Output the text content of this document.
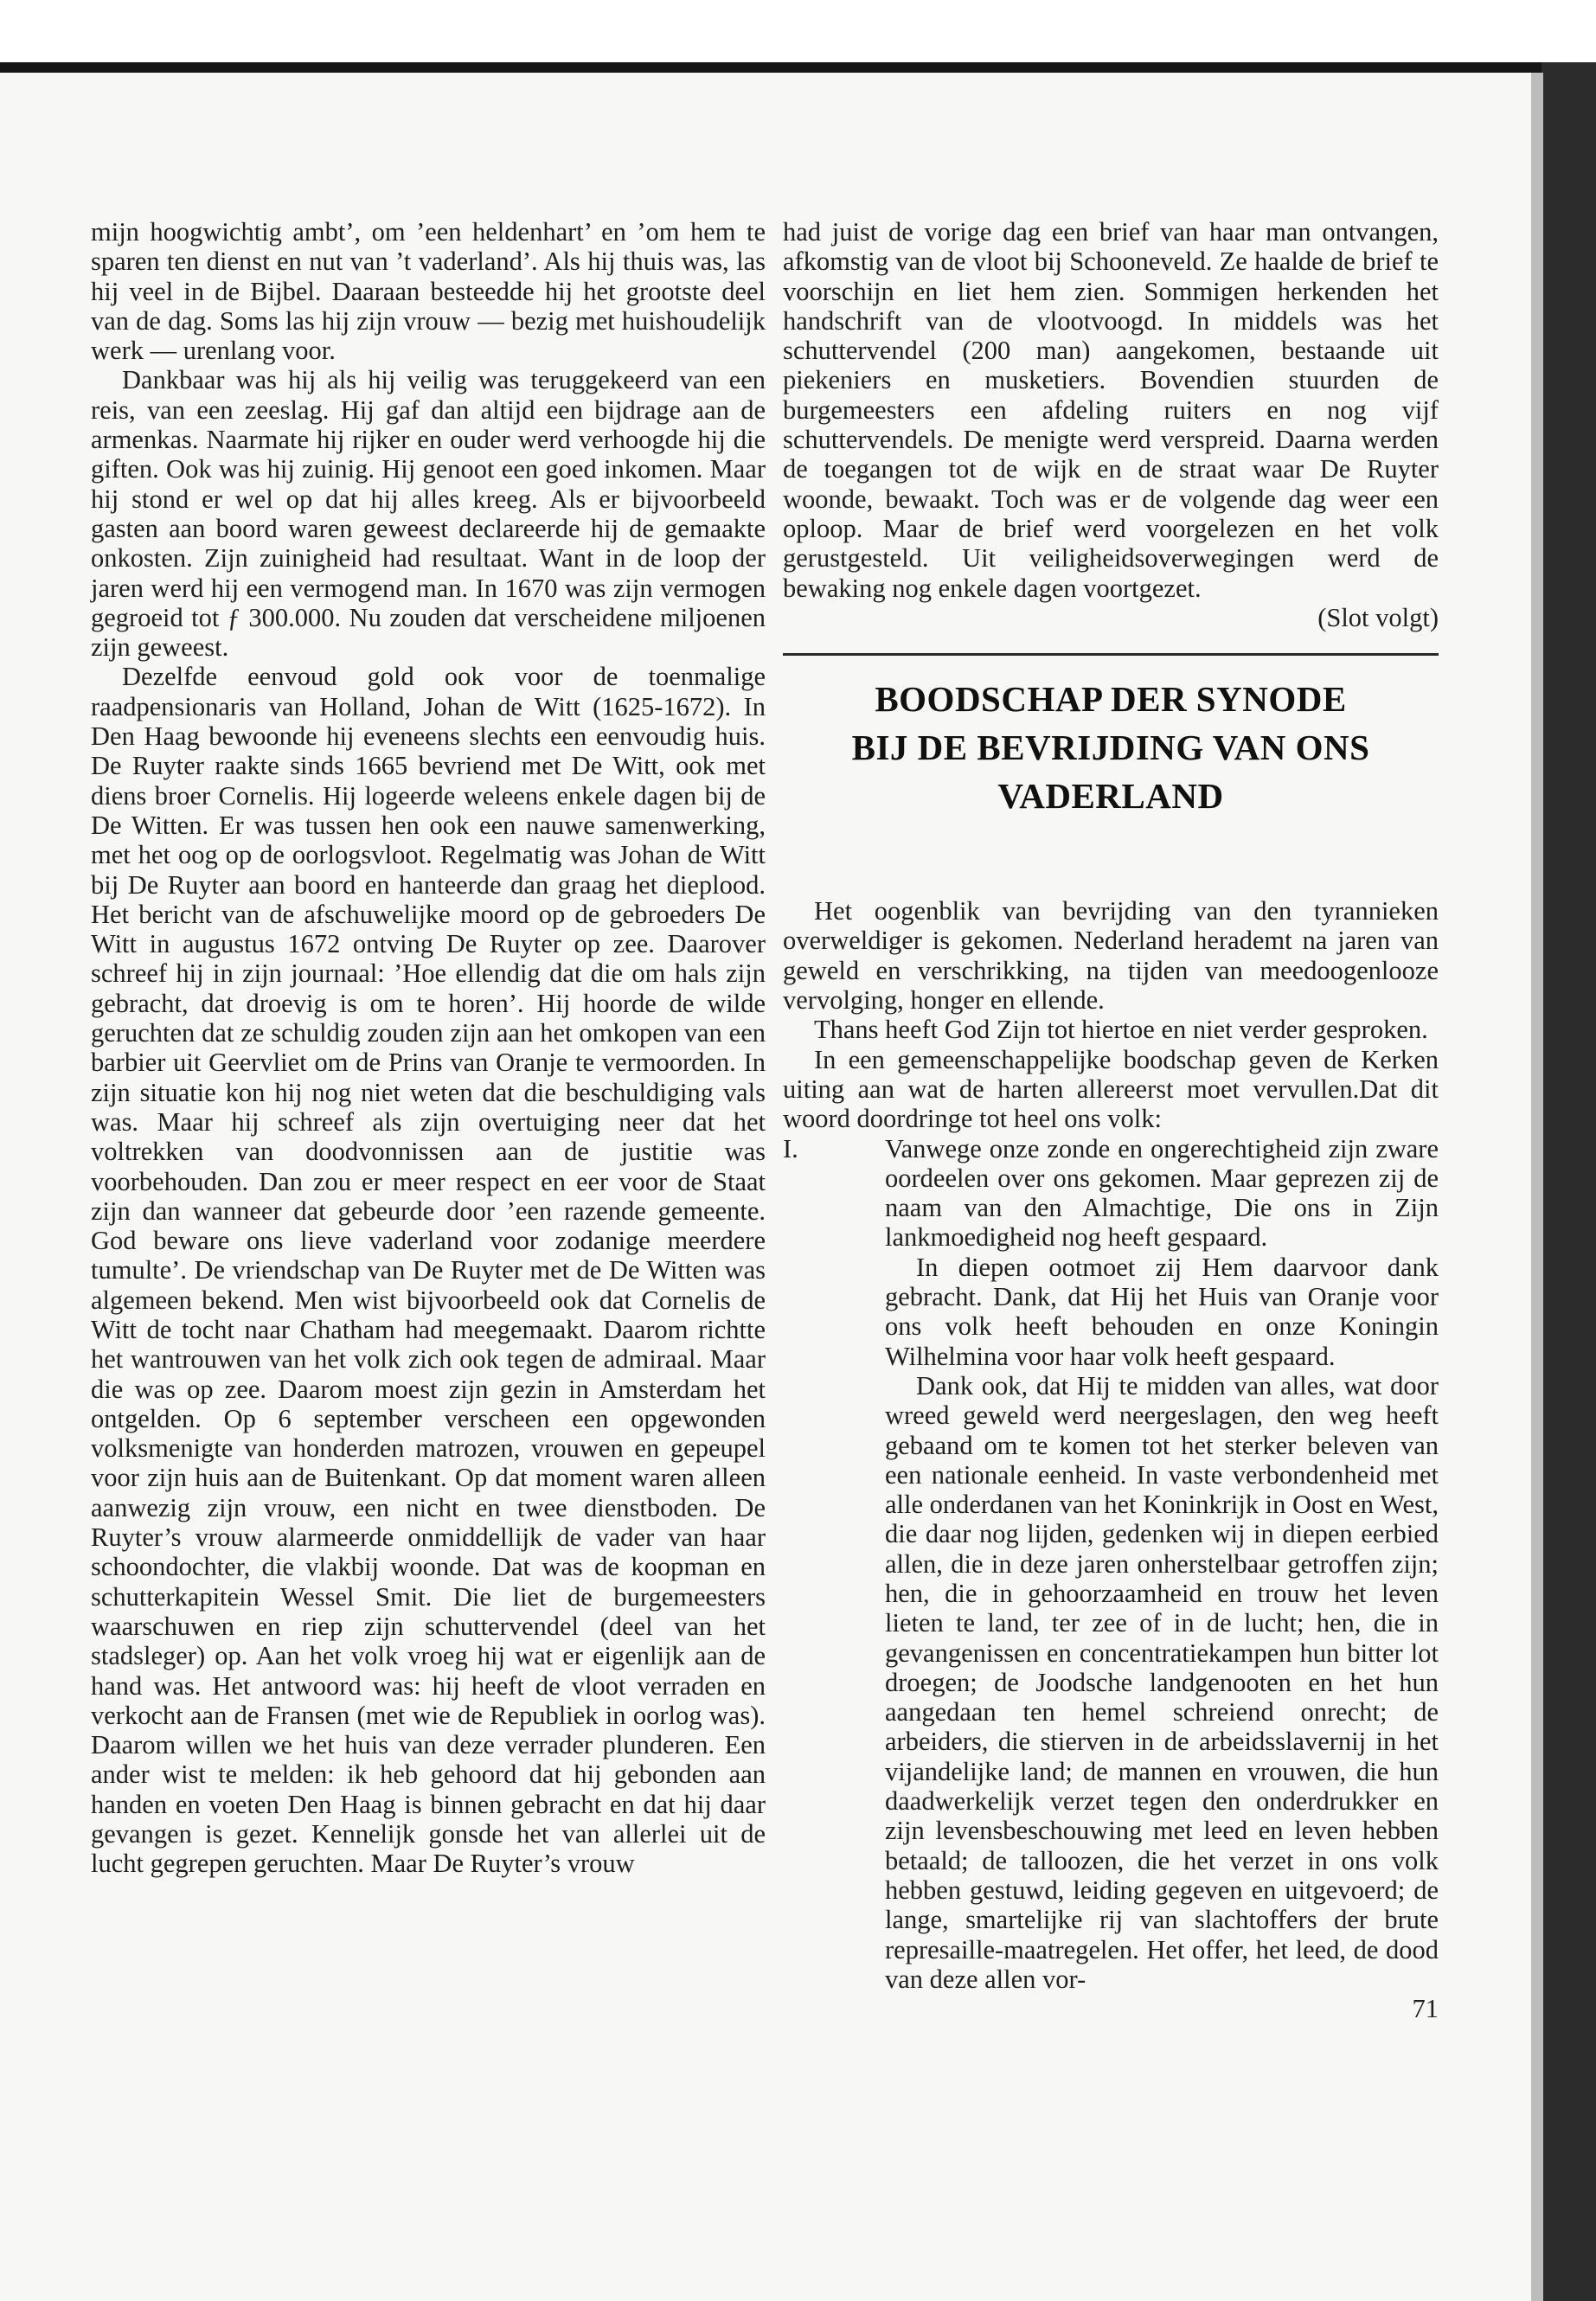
mijn hoogwichtig ambt’, om ’een heldenhart’ en ’om hem te sparen ten dienst en nut van ’t vaderland’. Als hij thuis was, las hij veel in de Bijbel. Daaraan besteedde hij het grootste deel van de dag. Soms las hij zijn vrouw — bezig met huishoudelijk werk — urenlang voor.

Dankbaar was hij als hij veilig was teruggekeerd van een reis, van een zeeslag. Hij gaf dan altijd een bijdrage aan de armenkas. Naarmate hij rijker en ouder werd verhoogde hij die giften. Ook was hij zuinig. Hij genoot een goed inkomen. Maar hij stond er wel op dat hij alles kreeg. Als er bijvoorbeeld gasten aan boord waren geweest declareerde hij de gemaakte onkosten. Zijn zuinigheid had resultaat. Want in de loop der jaren werd hij een vermogend man. In 1670 was zijn vermogen gegroeid tot ƒ 300.000. Nu zouden dat verscheidene miljoenen zijn geweest.

Dezelfde eenvoud gold ook voor de toenmalige raadpensionaris van Holland, Johan de Witt (1625-1672). In Den Haag bewoonde hij eveneens slechts een eenvoudig huis. De Ruyter raakte sinds 1665 bevriend met De Witt, ook met diens broer Cornelis. Hij logeerde weleens enkele dagen bij de De Witten. Er was tussen hen ook een nauwe samenwerking, met het oog op de oorlogsvloot. Regelmatig was Johan de Witt bij De Ruyter aan boord en hanteerde dan graag het dieplood. Het bericht van de afschuwelijke moord op de gebroeders De Witt in augustus 1672 ontving De Ruyter op zee. Daarover schreef hij in zijn journaal: ’Hoe ellendig dat die om hals zijn gebracht, dat droevig is om te horen’. Hij hoorde de wilde geruchten dat ze schuldig zouden zijn aan het omkopen van een barbier uit Geervliet om de Prins van Oranje te vermoorden. In zijn situatie kon hij nog niet weten dat die beschuldiging vals was. Maar hij schreef als zijn overtuiging neer dat het voltrekken van doodvonnissen aan de justitie was voorbehouden. Dan zou er meer respect en eer voor de Staat zijn dan wanneer dat gebeurde door ’een razende gemeente. God beware ons lieve vaderland voor zodanige meerdere tumulte’. De vriendschap van De Ruyter met de De Witten was algemeen bekend. Men wist bijvoorbeeld ook dat Cornelis de Witt de tocht naar Chatham had meegemaakt. Daarom richtte het wantrouwen van het volk zich ook tegen de admiraal. Maar die was op zee. Daarom moest zijn gezin in Amsterdam het ontgelden. Op 6 september verscheen een opgewonden volksmenigte van honderden matrozen, vrouwen en gepeupel voor zijn huis aan de Buitenkant. Op dat moment waren alleen aanwezig zijn vrouw, een nicht en twee dienstboden. De Ruyter’s vrouw alarmeerde onmiddellijk de vader van haar schoondochter, die vlakbij woonde. Dat was de koopman en schutterkapitein Wessel Smit. Die liet de burgemeesters waarschuwen en riep zijn schuttervendel (deel van het stadsleger) op. Aan het volk vroeg hij wat er eigenlijk aan de hand was. Het antwoord was: hij heeft de vloot verraden en verkocht aan de Fransen (met wie de Republiek in oorlog was). Daarom willen we het huis van deze verrader plunderen. Een ander wist te melden: ik heb gehoord dat hij gebonden aan handen en voeten Den Haag is binnen gebracht en dat hij daar gevangen is gezet. Kennelijk gonsde het van allerlei uit de lucht gegrepen geruchten. Maar De Ruyter’s vrouw

had juist de vorige dag een brief van haar man ontvangen, afkomstig van de vloot bij Schooneveld. Ze haalde de brief te voorschijn en liet hem zien. Sommigen herkenden het handschrift van de vlootvoogd. In middels was het schuttervendel (200 man) aangekomen, bestaande uit piekeniers en musketiers. Bovendien stuurden de burgemeesters een afdeling ruiters en nog vijf schuttervendels. De menigte werd verspreid. Daarna werden de toegangen tot de wijk en de straat waar De Ruyter woonde, bewaakt. Toch was er de volgende dag weer een oploop. Maar de brief werd voorgelezen en het volk gerustgesteld. Uit veiligheidsoverwegingen werd de bewaking nog enkele dagen voortgezet.

(Slot volgt)

BOODSCHAP DER SYNODE
BIJ DE BEVRIJDING VAN ONS
VADERLAND

Het oogenblik van bevrijding van den tyrannieken overweldiger is gekomen. Nederland herademt na jaren van geweld en verschrikking, na tijden van meedoogenlooze vervolging, honger en ellende.

Thans heeft God Zijn tot hiertoe en niet verder gesproken.

In een gemeenschappelijke boodschap geven de Kerken uiting aan wat de harten allereerst moet vervullen.Dat dit woord doordringe tot heel ons volk:

I.	Vanwege onze zonde en ongerechtigheid zijn zware oordeelen over ons gekomen. Maar geprezen zij de naam van den Almachtige, Die ons in Zijn lankmoedigheid nog heeft gespaard.

In diepen ootmoet zij Hem daarvoor dank gebracht. Dank, dat Hij het Huis van Oranje voor ons volk heeft behouden en onze Koningin Wilhelmina voor haar volk heeft gespaard.

Dank ook, dat Hij te midden van alles, wat door wreed geweld werd neergeslagen, den weg heeft gebaand om te komen tot het sterker beleven van een nationale eenheid. In vaste verbondenheid met alle onderdanen van het Koninkrijk in Oost en West, die daar nog lijden, gedenken wij in diepen eerbied allen, die in deze jaren onherstelbaar getroffen zijn; hen, die in gehoorzaamheid en trouw het leven lieten te land, ter zee of in de lucht; hen, die in gevangenissen en concentratiekampen hun bitter lot droegen; de Joodsche landgenooten en het hun aangedaan ten hemel schreiend onrecht; de arbeiders, die stierven in de arbeidsslavernij in het vijandelijke land; de mannen en vrouwen, die hun daadwerkelijk verzet tegen den onderdrukker en zijn levensbeschouwing met leed en leven hebben betaald; de talloozen, die het verzet in ons volk hebben gestuwd, leiding gegeven en uitgevoerd; de lange, smartelijke rij van slachtoffers der brute represaille-maatregelen. Het offer, het leed, de dood van deze allen vor-

71
